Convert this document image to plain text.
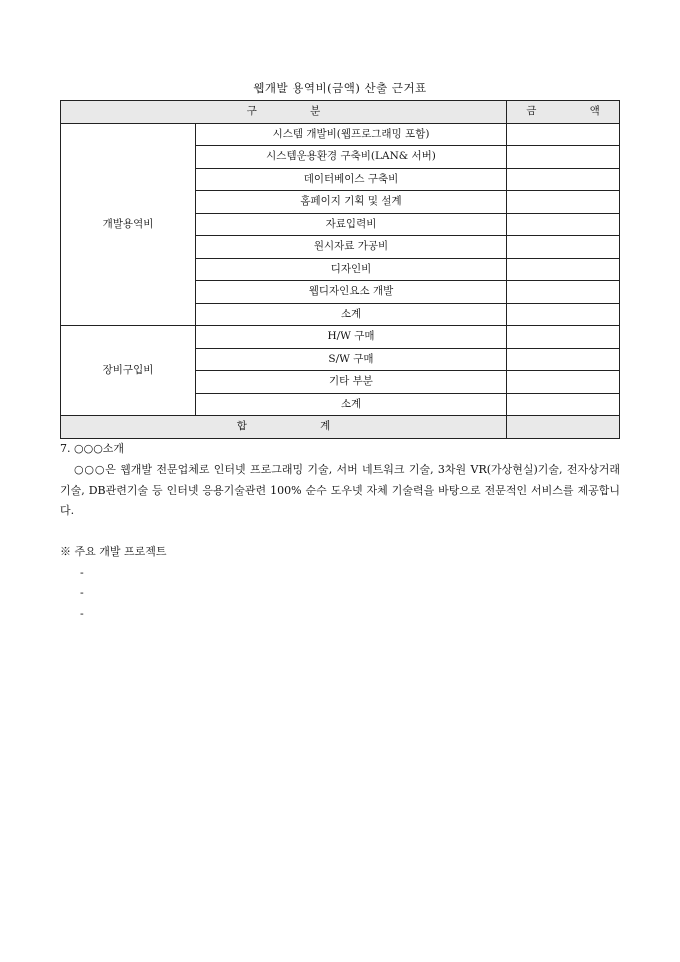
웹개발 용역비(금액) 산출 근거표
구 분		금 액
개발용역비	시스템 개발비(웹프로그래밍 포함)	
	시스템운용환경 구축비(LAN& 서버)	
	데이터베이스 구축비	
	홈페이지 기획 및 설계	
	자료입력비	
	원시자료 가공비	
	디자인비	
	웹디자인요소 개발	
	소계	
장비구입비	H/W 구매	
	S/W 구매	
	기타 부분	
	소계	
합 계		
7. ○○○소개
○○○은 웹개발 전문업체로 인터넷 프로그래밍 기술, 서버 네트워크 기술, 3차원 VR(가상현실)기술, 전자상거래 기술, DB관련기술 등 인터넷 응용기술관련 100% 순수 도우넷 자체 기술력을 바탕으로 전문적인 서비스를 제공합니다.
※ 주요 개발 프로젝트
-
-
-
